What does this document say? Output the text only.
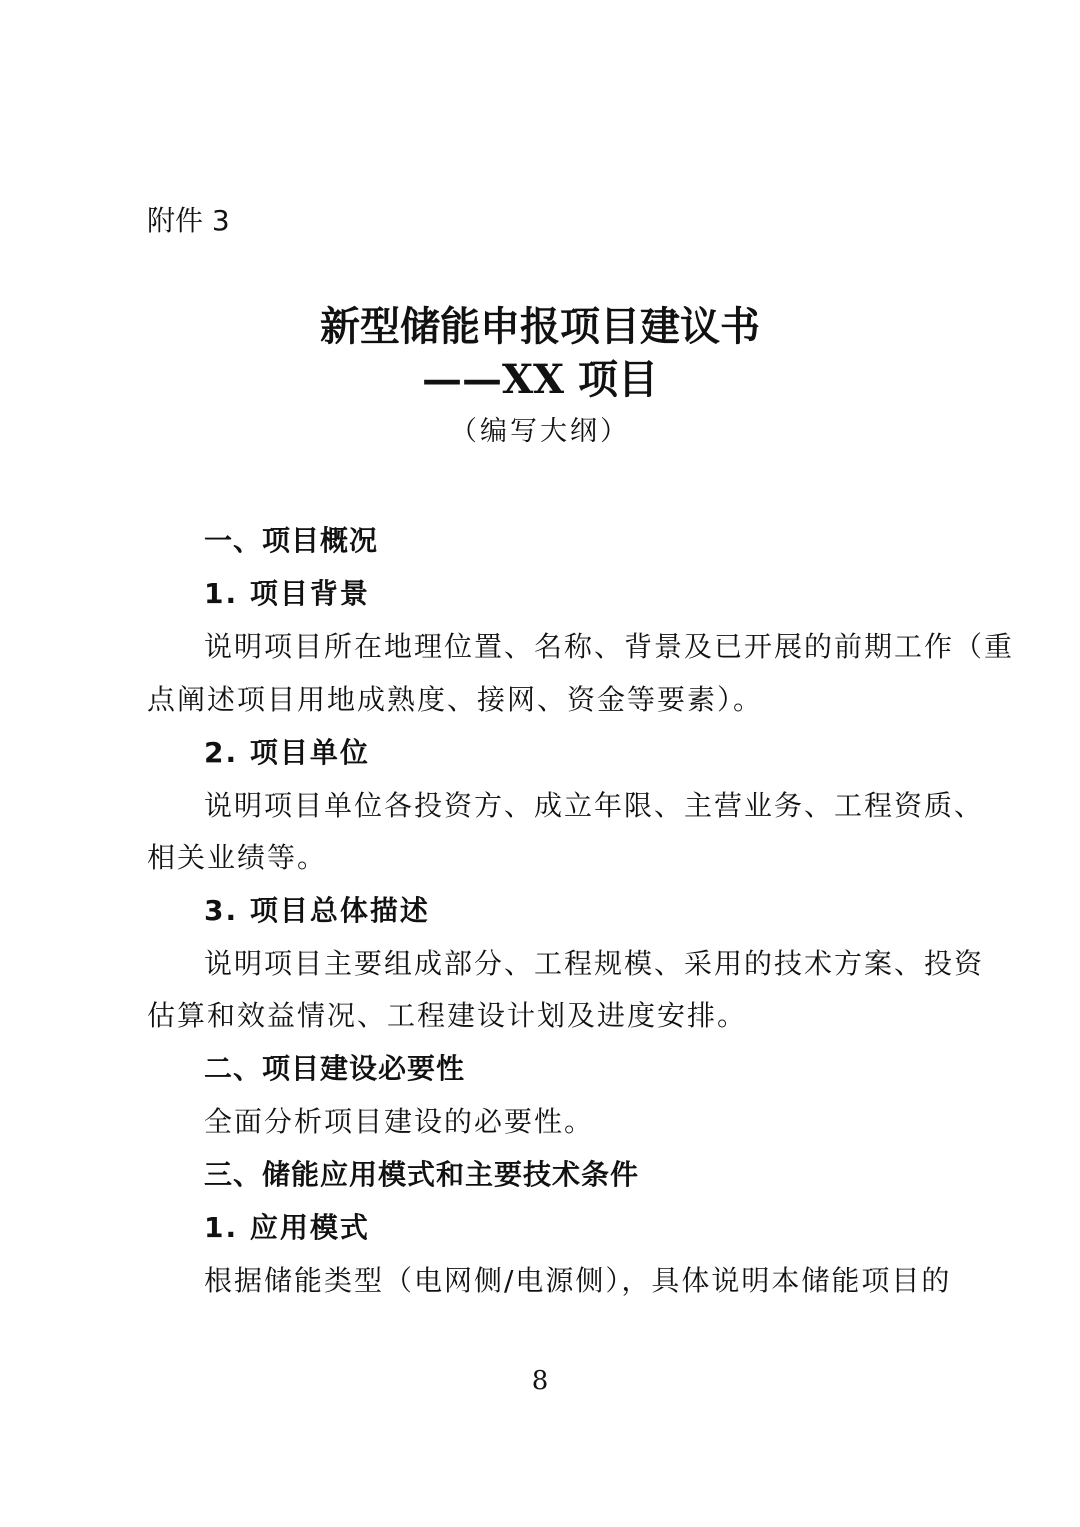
附件 3
新型储能申报项目建议书
——XX 项目
（编写大纲）
一、项目概况
1. 项目背景
说明项目所在地理位置、名称、背景及已开展的前期工作（重
点阐述项目用地成熟度、接网、资金等要素）。
2. 项目单位
说明项目单位各投资方、成立年限、主营业务、工程资质、
相关业绩等。
3. 项目总体描述
说明项目主要组成部分、工程规模、采用的技术方案、投资
估算和效益情况、工程建设计划及进度安排。
二、项目建设必要性
全面分析项目建设的必要性。
三、储能应用模式和主要技术条件
1. 应用模式
根据储能类型（电网侧/电源侧），具体说明本储能项目的
8
